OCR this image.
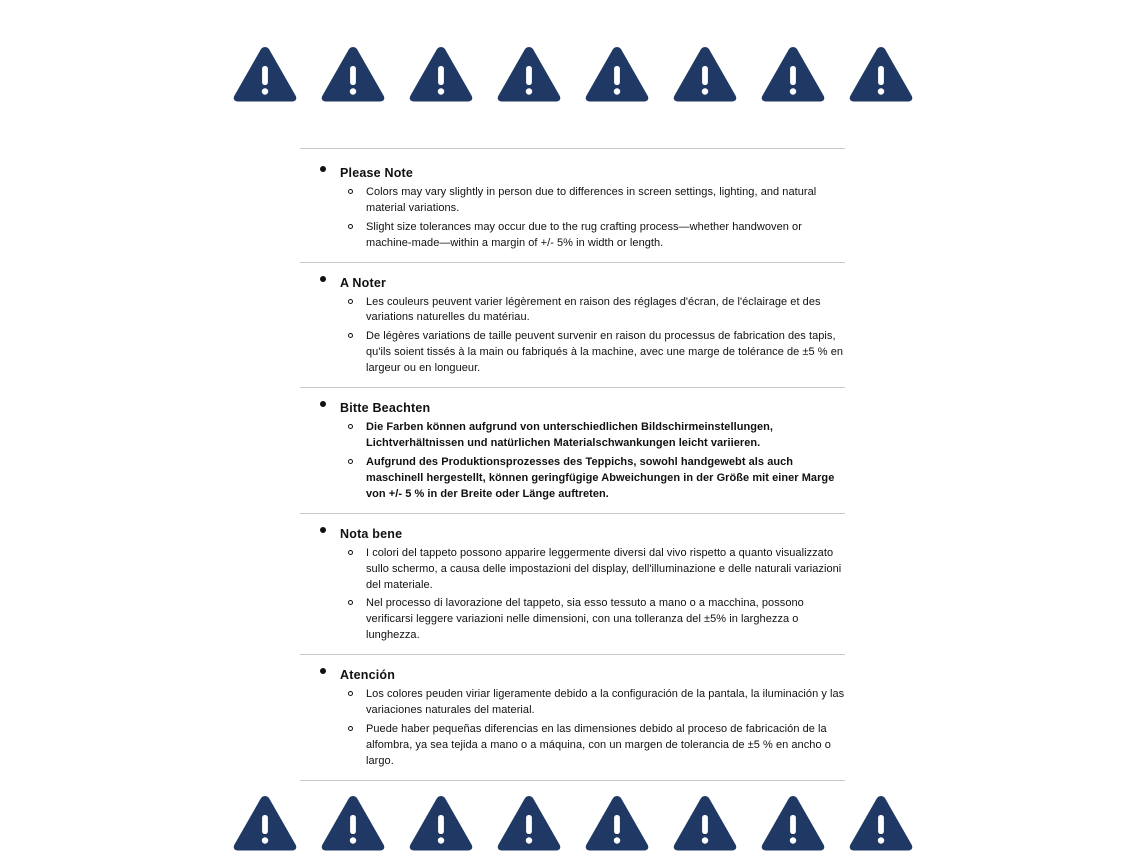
Please Note
Colors may vary slightly in person due to differences in screen settings, lighting, and natural material variations.
Slight size tolerances may occur due to the rug crafting process—whether handwoven or machine-made—within a margin of +/- 5% in width or length.
A Noter
Les couleurs peuvent varier légèrement en raison des réglages d'écran, de l'éclairage et des variations naturelles du matériau.
De légères variations de taille peuvent survenir en raison du processus de fabrication des tapis, qu'ils soient tissés à la main ou fabriqués à la machine, avec une marge de tolérance de ±5 % en largeur ou en longueur.
Bitte Beachten
Die Farben können aufgrund von unterschiedlichen Bildschirmeinstellungen, Lichtverhältnissen und natürlichen Materialschwankungen leicht variieren.
Aufgrund des Produktionsprozesses des Teppichs, sowohl handgewebt als auch maschinell hergestellt, können geringfügige Abweichungen in der Größe mit einer Marge von +/- 5 % in der Breite oder Länge auftreten.
Nota bene
I colori del tappeto possono apparire leggermente diversi dal vivo rispetto a quanto visualizzato sullo schermo, a causa delle impostazioni del display, dell'illuminazione e delle naturali variazioni del materiale.
Nel processo di lavorazione del tappeto, sia esso tessuto a mano o a macchina, possono verificarsi leggere variazioni nelle dimensioni, con una tolleranza del ±5% in larghezza o lunghezza.
Atención
Los colores peuden viriar ligeramente debido a la configuración de la pantala, la iluminación y las variaciones naturales del material.
Puede haber pequeñas diferencias en las dimensiones debido al proceso de fabricación de la alfombra, ya sea tejida a mano o a máquina, con un margen de tolerancia de ±5 % en ancho o largo.
